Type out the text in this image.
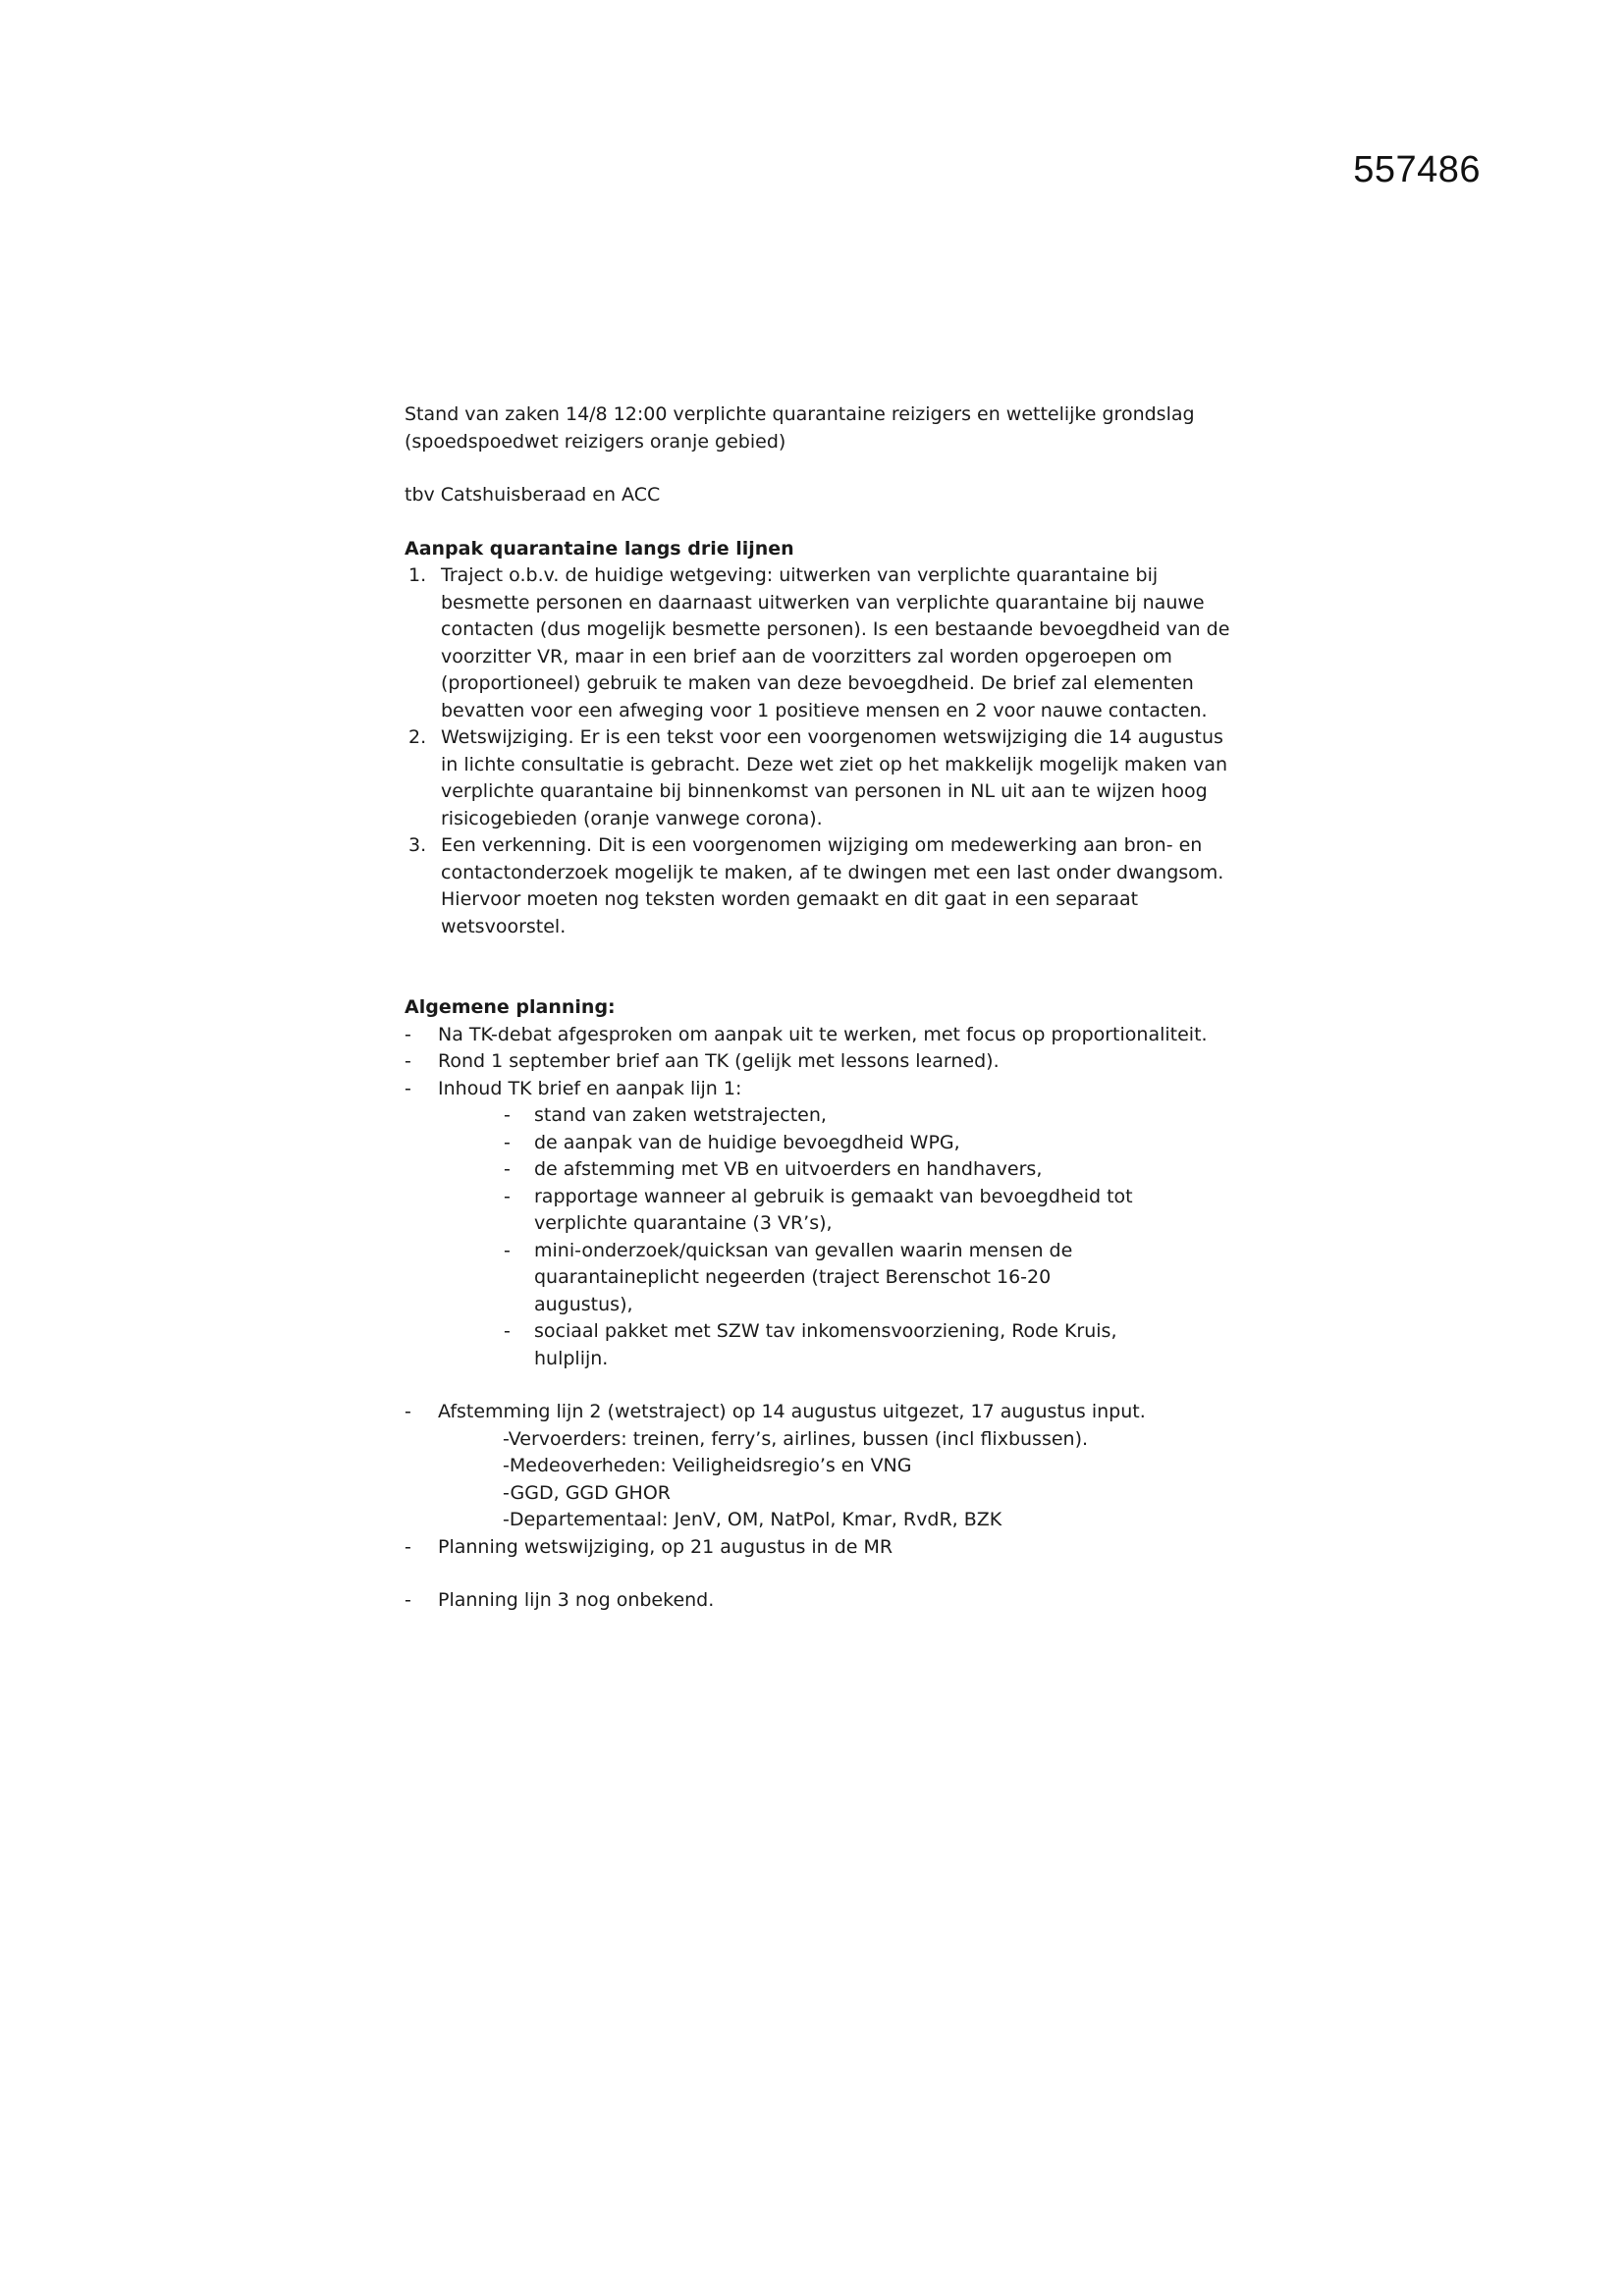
557486

Stand van zaken 14/8 12:00 verplichte quarantaine reizigers en wettelijke grondslag (spoedspoedwet reizigers oranje gebied)

tbv Catshuisberaad en ACC

Aanpak quarantaine langs drie lijnen

1. Traject o.b.v. de huidige wetgeving: uitwerken van verplichte quarantaine bij besmette personen en daarnaast uitwerken van verplichte quarantaine bij nauwe contacten (dus mogelijk besmette personen). Is een bestaande bevoegdheid van de voorzitter VR, maar in een brief aan de voorzitters zal worden opgeroepen om (proportioneel) gebruik te maken van deze bevoegdheid. De brief zal elementen bevatten voor een afweging voor 1 positieve mensen en 2 voor nauwe contacten.
2. Wetswijziging. Er is een tekst voor een voorgenomen wetswijziging die 14 augustus in lichte consultatie is gebracht. Deze wet ziet op het makkelijk mogelijk maken van verplichte quarantaine bij binnenkomst van personen in NL uit aan te wijzen hoog risicogebieden (oranje vanwege corona).
3. Een verkenning. Dit is een voorgenomen wijziging om medewerking aan bron- en contactonderzoek mogelijk te maken, af te dwingen met een last onder dwangsom. Hiervoor moeten nog teksten worden gemaakt en dit gaat in een separaat wetsvoorstel.

Algemene planning:

- Na TK-debat afgesproken om aanpak uit te werken, met focus op proportionaliteit.
- Rond 1 september brief aan TK (gelijk met lessons learned).
- Inhoud TK brief en aanpak lijn 1:
- stand van zaken wetstrajecten,
- de aanpak van de huidige bevoegdheid WPG,
- de afstemming met VB en uitvoerders en handhavers,
- rapportage wanneer al gebruik is gemaakt van bevoegdheid tot verplichte quarantaine (3 VR’s),
- mini-onderzoek/quicksan van gevallen waarin mensen de quarantaineplicht negeerden (traject Berenschot 16-20 augustus),
- sociaal pakket met SZW tav inkomensvoorziening, Rode Kruis, hulplijn.
- Afstemming lijn 2 (wetstraject) op 14 augustus uitgezet, 17 augustus input.

-Vervoerders: treinen, ferry’s, airlines, bussen (incl flixbussen).

-Medeoverheden: Veiligheidsregio’s en VNG

-GGD, GGD GHOR

-Departementaal: JenV, OM, NatPol, Kmar, RvdR, BZK

- Planning wetswijziging, op 21 augustus in de MR
- Planning lijn 3 nog onbekend.
